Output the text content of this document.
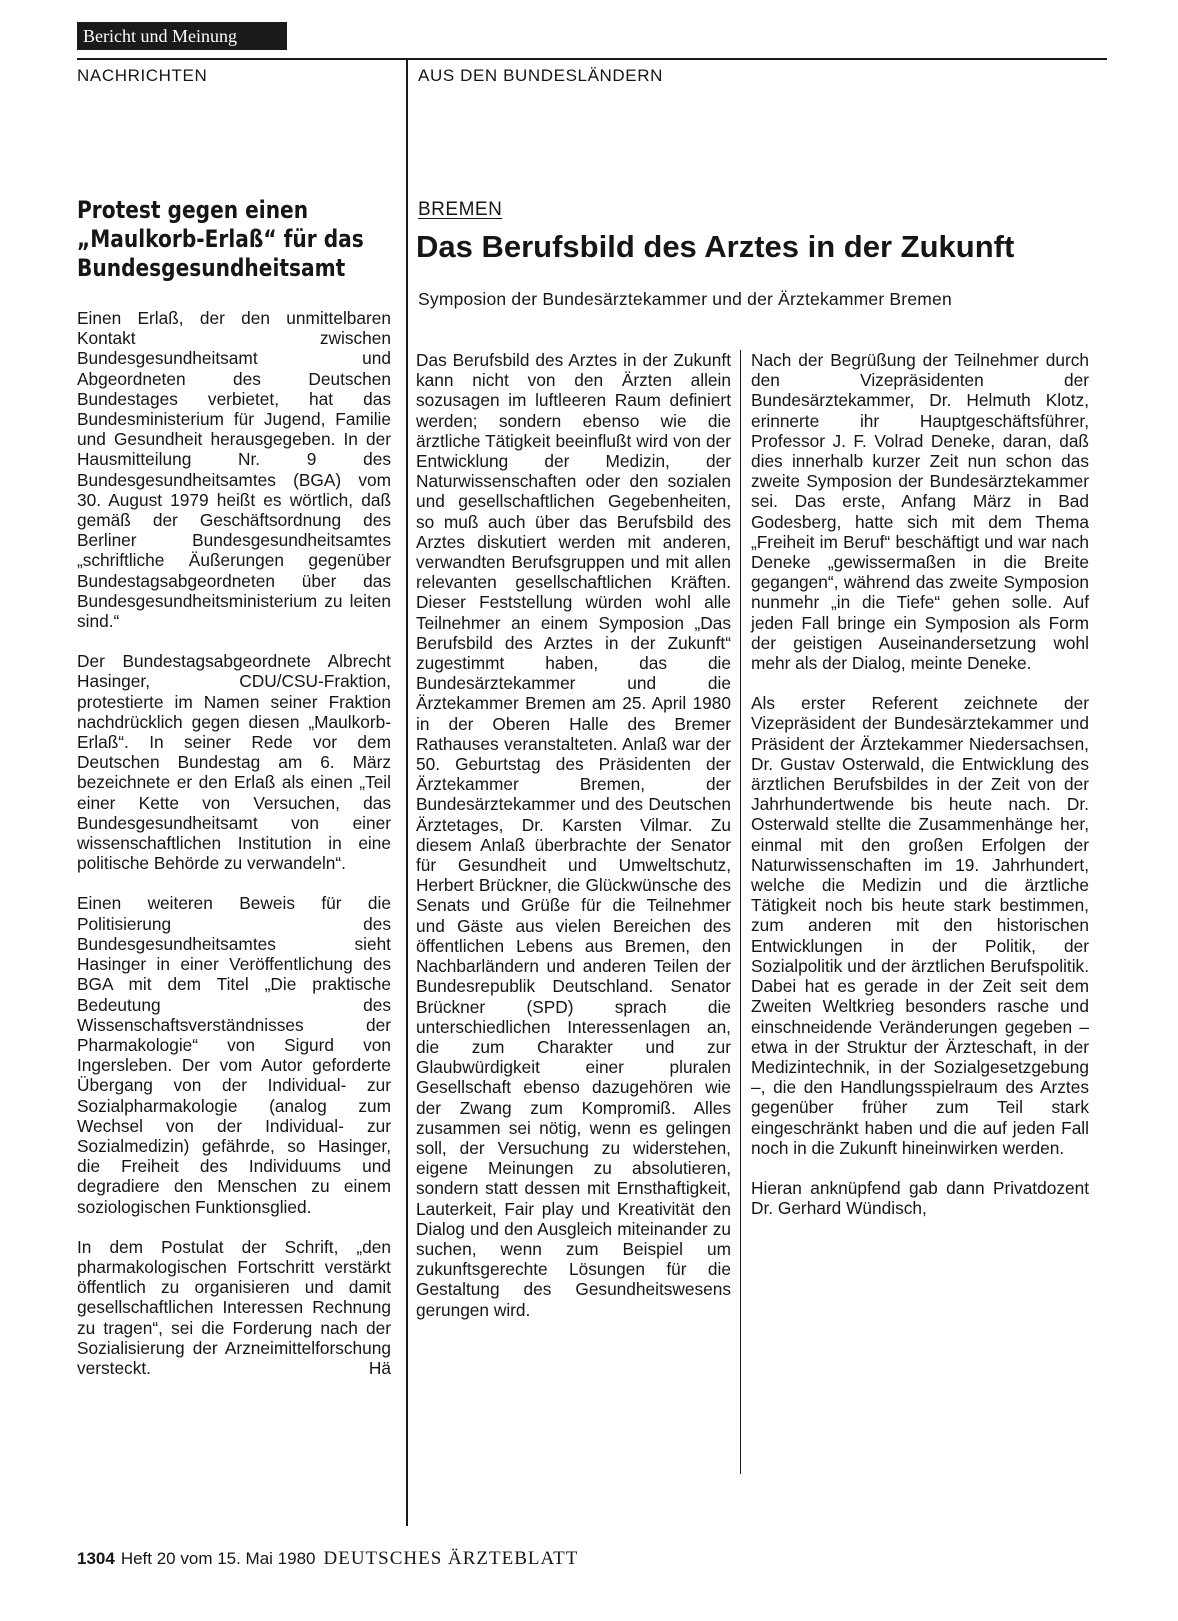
Bericht und Meinung
NACHRICHTEN	AUS DEN BUNDESLÄNDERN
Protest gegen einen „Maulkorb-Erlaß“ für das Bundesgesundheitsamt

Einen Erlaß, der den unmittelbaren Kontakt zwischen Bundesgesundheitsamt und Abgeordneten des Deutschen Bundestages verbietet, hat das Bundesministerium für Jugend, Familie und Gesundheit herausgegeben. In der Hausmitteilung Nr. 9 des Bundesgesundheitsamtes (BGA) vom 30. August 1979 heißt es wörtlich, daß gemäß der Geschäftsordnung des Berliner Bundesgesundheitsamtes „schriftliche Äußerungen gegenüber Bundestagsabgeordneten über das Bundesgesundheitsministerium zu leiten sind.“

Der Bundestagsabgeordnete Albrecht Hasinger, CDU/CSU-Fraktion, protestierte im Namen seiner Fraktion nachdrücklich gegen diesen „Maulkorb-Erlaß“. In seiner Rede vor dem Deutschen Bundestag am 6. März bezeichnete er den Erlaß als einen „Teil einer Kette von Versuchen, das Bundesgesundheitsamt von einer wissenschaftlichen Institution in eine politische Behörde zu verwandeln“.

Einen weiteren Beweis für die Politisierung des Bundesgesundheitsamtes sieht Hasinger in einer Veröffentlichung des BGA mit dem Titel „Die praktische Bedeutung des Wissenschaftsverständnisses der Pharmakologie“ von Sigurd von Ingersleben. Der vom Autor geforderte Übergang von der Individual- zur Sozialpharmakologie (analog zum Wechsel von der Individual- zur Sozialmedizin) gefährde, so Hasinger, die Freiheit des Individuums und degradiere den Menschen zu einem soziologischen Funktionsglied.

In dem Postulat der Schrift, „den pharmakologischen Fortschritt verstärkt öffentlich zu organisieren und damit gesellschaftlichen Interessen Rechnung zu tragen“, sei die Forderung nach der Sozialisierung der Arzneimittelforschung versteckt.	Hä

BREMEN
Das Berufsbild des Arztes in der Zukunft
Symposion der Bundesärztekammer und der Ärztekammer Bremen

Das Berufsbild des Arztes in der Zukunft kann nicht von den Ärzten allein sozusagen im luftleeren Raum definiert werden; sondern ebenso wie die ärztliche Tätigkeit beeinflußt wird von der Entwicklung der Medizin, der Naturwissenschaften oder den sozialen und gesellschaftlichen Gegebenheiten, so muß auch über das Berufsbild des Arztes diskutiert werden mit anderen, verwandten Berufsgruppen und mit allen relevanten gesellschaftlichen Kräften. Dieser Feststellung würden wohl alle Teilnehmer an einem Symposion „Das Berufsbild des Arztes in der Zukunft“ zugestimmt haben, das die Bundesärztekammer und die Ärztekammer Bremen am 25. April 1980 in der Oberen Halle des Bremer Rathauses veranstalteten. Anlaß war der 50. Geburtstag des Präsidenten der Ärztekammer Bremen, der Bundesärztekammer und des Deutschen Ärztetages, Dr. Karsten Vilmar. Zu diesem Anlaß überbrachte der Senator für Gesundheit und Umweltschutz, Herbert Brückner, die Glückwünsche des Senats und Grüße für die Teilnehmer und Gäste aus vielen Bereichen des öffentlichen Lebens aus Bremen, den Nachbarländern und anderen Teilen der Bundesrepublik Deutschland. Senator Brückner (SPD) sprach die unterschiedlichen Interessenlagen an, die zum Charakter und zur Glaubwürdigkeit einer pluralen Gesellschaft ebenso dazugehören wie der Zwang zum Kompromiß. Alles zusammen sei nötig, wenn es gelingen soll, der Versuchung zu widerstehen, eigene Meinungen zu absolutieren, sondern statt dessen mit Ernsthaftigkeit, Lauterkeit, Fair play und Kreativität den Dialog und den Ausgleich miteinander zu suchen, wenn zum Beispiel um zukunftsgerechte Lösungen für die Gestaltung des Gesundheitswesens gerungen wird.

Nach der Begrüßung der Teilnehmer durch den Vizepräsidenten der Bundesärztekammer, Dr. Helmuth Klotz, erinnerte ihr Hauptgeschäftsführer, Professor J. F. Volrad Deneke, daran, daß dies innerhalb kurzer Zeit nun schon das zweite Symposion der Bundesärztekammer sei. Das erste, Anfang März in Bad Godesberg, hatte sich mit dem Thema „Freiheit im Beruf“ beschäftigt und war nach Deneke „gewissermaßen in die Breite gegangen“, während das zweite Symposion nunmehr „in die Tiefe“ gehen solle. Auf jeden Fall bringe ein Symposion als Form der geistigen Auseinandersetzung wohl mehr als der Dialog, meinte Deneke.

Als erster Referent zeichnete der Vizepräsident der Bundesärztekammer und Präsident der Ärztekammer Niedersachsen, Dr. Gustav Osterwald, die Entwicklung des ärztlichen Berufsbildes in der Zeit von der Jahrhundertwende bis heute nach. Dr. Osterwald stellte die Zusammenhänge her, einmal mit den großen Erfolgen der Naturwissenschaften im 19. Jahrhundert, welche die Medizin und die ärztliche Tätigkeit noch bis heute stark bestimmen, zum anderen mit den historischen Entwicklungen in der Politik, der Sozialpolitik und der ärztlichen Berufspolitik. Dabei hat es gerade in der Zeit seit dem Zweiten Weltkrieg besonders rasche und einschneidende Veränderungen gegeben – etwa in der Struktur der Ärzteschaft, in der Medizintechnik, in der Sozialgesetzgebung –, die den Handlungsspielraum des Arztes gegenüber früher zum Teil stark eingeschränkt haben und die auf jeden Fall noch in die Zukunft hineinwirken werden.

Hieran anknüpfend gab dann Privatdozent Dr. Gerhard Wündisch,

1304 Heft 20 vom 15. Mai 1980 DEUTSCHES ÄRZTEBLATT
